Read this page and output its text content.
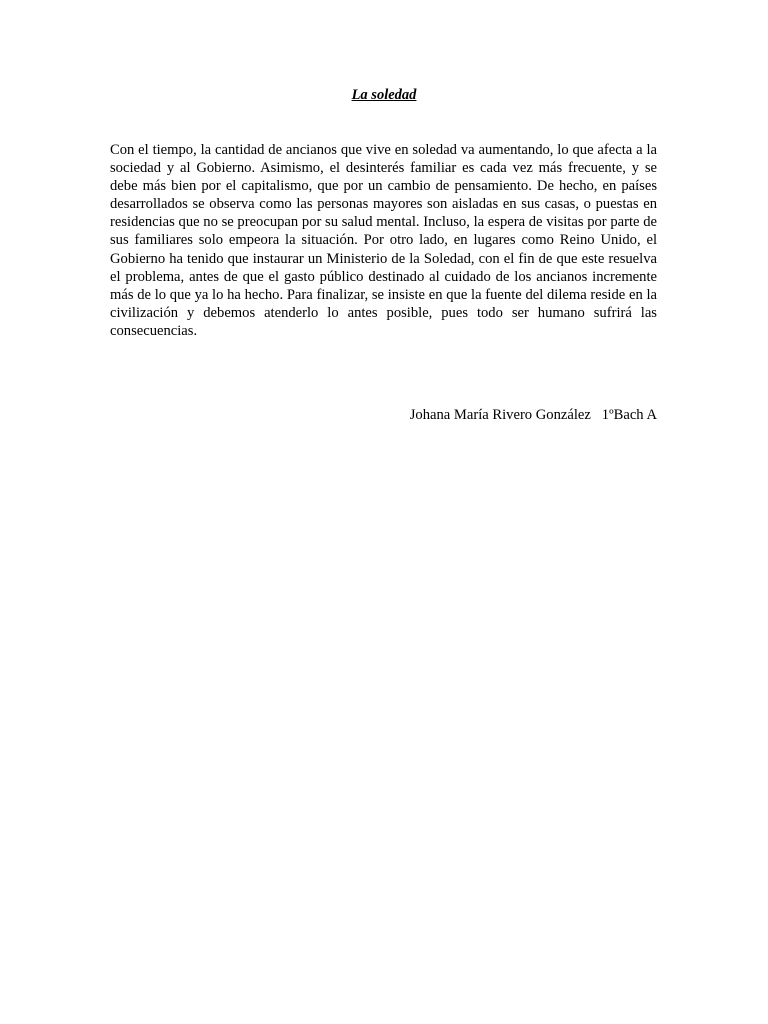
La soledad

Con el tiempo, la cantidad de ancianos que vive en soledad va aumentando, lo que afecta a la sociedad y al Gobierno. Asimismo, el desinterés familiar es cada vez más frecuente, y se debe más bien por el capitalismo, que por un cambio de pensamiento. De hecho, en países desarrollados se observa como las personas mayores son aisladas en sus casas, o puestas en residencias que no se preocupan por su salud mental. Incluso, la espera de visitas por parte de sus familiares solo empeora la situación. Por otro lado, en lugares como Reino Unido, el Gobierno ha tenido que instaurar un Ministerio de la Soledad, con el fin de que este resuelva el problema, antes de que el gasto público destinado al cuidado de los ancianos incremente más de lo que ya lo ha hecho. Para finalizar, se insiste en que la fuente del dilema reside en la civilización y debemos atenderlo lo antes posible, pues todo ser humano sufrirá las consecuencias.

Johana María Rivero González   1ºBach A
